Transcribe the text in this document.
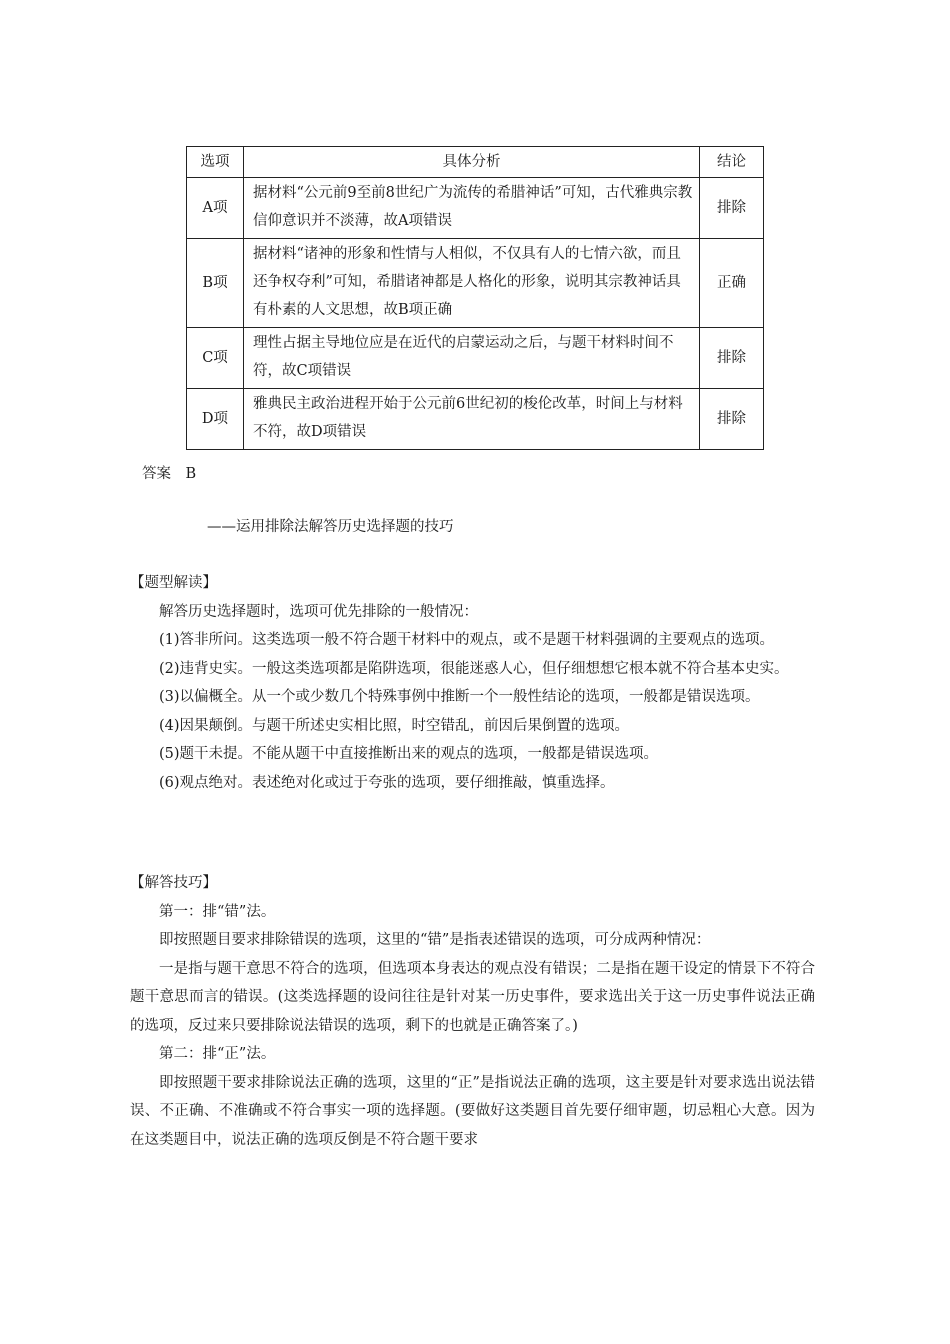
选项	具体分析	结论
A项	据材料“公元前9至前8世纪广为流传的希腊神话”可知，古代雅典宗教信仰意识并不淡薄，故A项错误	排除
B项	据材料“诸神的形象和性情与人相似，不仅具有人的七情六欲，而且还争权夺利”可知，希腊诸神都是人格化的形象，说明其宗教神话具有朴素的人文思想，故B项正确	正确
C项	理性占据主导地位应是在近代的启蒙运动之后，与题干材料时间不符，故C项错误	排除
D项	雅典民主政治进程开始于公元前6世纪初的梭伦改革，时间上与材料不符，故D项错误	排除
答案　B
——运用排除法解答历史选择题的技巧

【题型解读】

解答历史选择题时，选项可优先排除的一般情况：

(1)答非所问。这类选项一般不符合题干材料中的观点，或不是题干材料强调的主要观点的选项。

(2)违背史实。一般这类选项都是陷阱选项，很能迷惑人心，但仔细想想它根本就不符合基本史实。

(3)以偏概全。从一个或少数几个特殊事例中推断一个一般性结论的选项，一般都是错误选项。

(4)因果颠倒。与题干所述史实相比照，时空错乱，前因后果倒置的选项。

(5)题干未提。不能从题干中直接推断出来的观点的选项，一般都是错误选项。

(6)观点绝对。表述绝对化或过于夸张的选项，要仔细推敲，慎重选择。

【解答技巧】

第一：排“错”法。

即按照题目要求排除错误的选项，这里的“错”是指表述错误的选项，可分成两种情况：

一是指与题干意思不符合的选项，但选项本身表达的观点没有错误；二是指在题干设定的情景下不符合题干意思而言的错误。(这类选择题的设问往往是针对某一历史事件，要求选出关于这一历史事件说法正确的选项，反过来只要排除说法错误的选项，剩下的也就是正确答案了。)

第二：排“正”法。

即按照题干要求排除说法正确的选项，这里的“正”是指说法正确的选项，这主要是针对要求选出说法错误、不正确、不准确或不符合事实一项的选择题。(要做好这类题目首先要仔细审题，切忌粗心大意。因为在这类题目中，说法正确的选项反倒是不符合题干要求
